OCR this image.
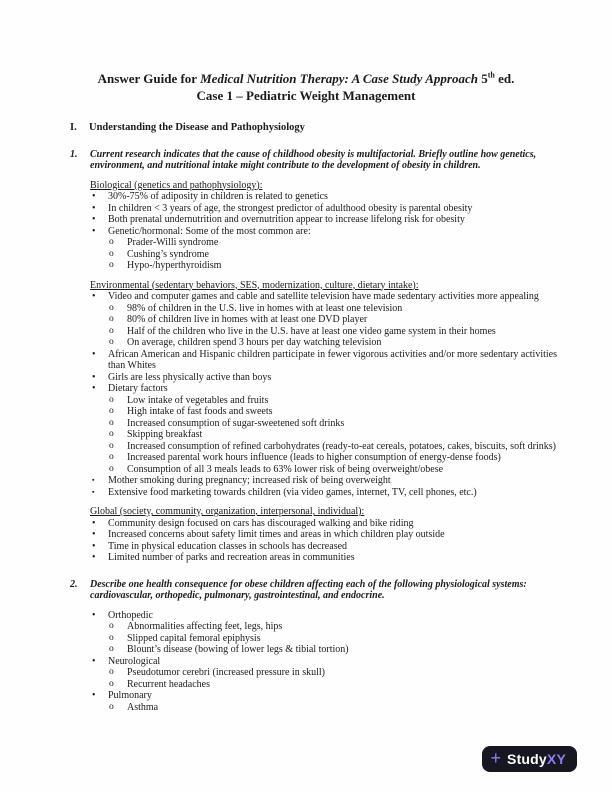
Answer Guide for Medical Nutrition Therapy: A Case Study Approach 5th ed.
Case 1 – Pediatric Weight Management
I.	Understanding the Disease and Pathophysiology
1.	Current research indicates that the cause of childhood obesity is multifactorial. Briefly outline how genetics, environment, and nutritional intake might contribute to the development of obesity in children.
Biological (genetics and pathophysiology):
•	30%-75% of adiposity in children is related to genetics
•	In children < 3 years of age, the strongest predictor of adulthood obesity is parental obesity
•	Both prenatal undernutrition and overnutrition appear to increase lifelong risk for obesity
•	Genetic/hormonal: Some of the most common are:
o	Prader-Willi syndrome
o	Cushing’s syndrome
o	Hypo-/hyperthyroidism
Environmental (sedentary behaviors, SES, modernization, culture, dietary intake):
•	Video and computer games and cable and satellite television have made sedentary activities more appealing
o	98% of children in the U.S. live in homes with at least one television
o	80% of children live in homes with at least one DVD player
o	Half of the children who live in the U.S. have at least one video game system in their homes
o	On average, children spend 3 hours per day watching television
•	African American and Hispanic children participate in fewer vigorous activities and/or more sedentary activities than Whites
•	Girls are less physically active than boys
•	Dietary factors
o	Low intake of vegetables and fruits
o	High intake of fast foods and sweets
o	Increased consumption of sugar-sweetened soft drinks
o	Skipping breakfast
o	Increased consumption of refined carbohydrates (ready-to-eat cereals, potatoes, cakes, biscuits, soft drinks)
o	Increased parental work hours influence (leads to higher consumption of energy-dense foods)
o	Consumption of all 3 meals leads to 63% lower risk of being overweight/obese
▪	Mother smoking during pregnancy; increased risk of being overweight
▪	Extensive food marketing towards children (via video games, internet, TV, cell phones, etc.)
Global (society, community, organization, interpersonal, individual):
•	Community design focused on cars has discouraged walking and bike riding
•	Increased concerns about safety limit times and areas in which children play outside
•	Time in physical education classes in schools has decreased
•	Limited number of parks and recreation areas in communities
2.	Describe one health consequence for obese children affecting each of the following physiological systems: cardiovascular, orthopedic, pulmonary, gastrointestinal, and endocrine.
•	Orthopedic
o	Abnormalities affecting feet, legs, hips
o	Slipped capital femoral epiphysis
o	Blount’s disease (bowing of lower legs & tibial tortion)
•	Neurological
o	Pseudotumor cerebri (increased pressure in skull)
o	Recurrent headaches
•	Pulmonary
o	Asthma
+ StudyXY
